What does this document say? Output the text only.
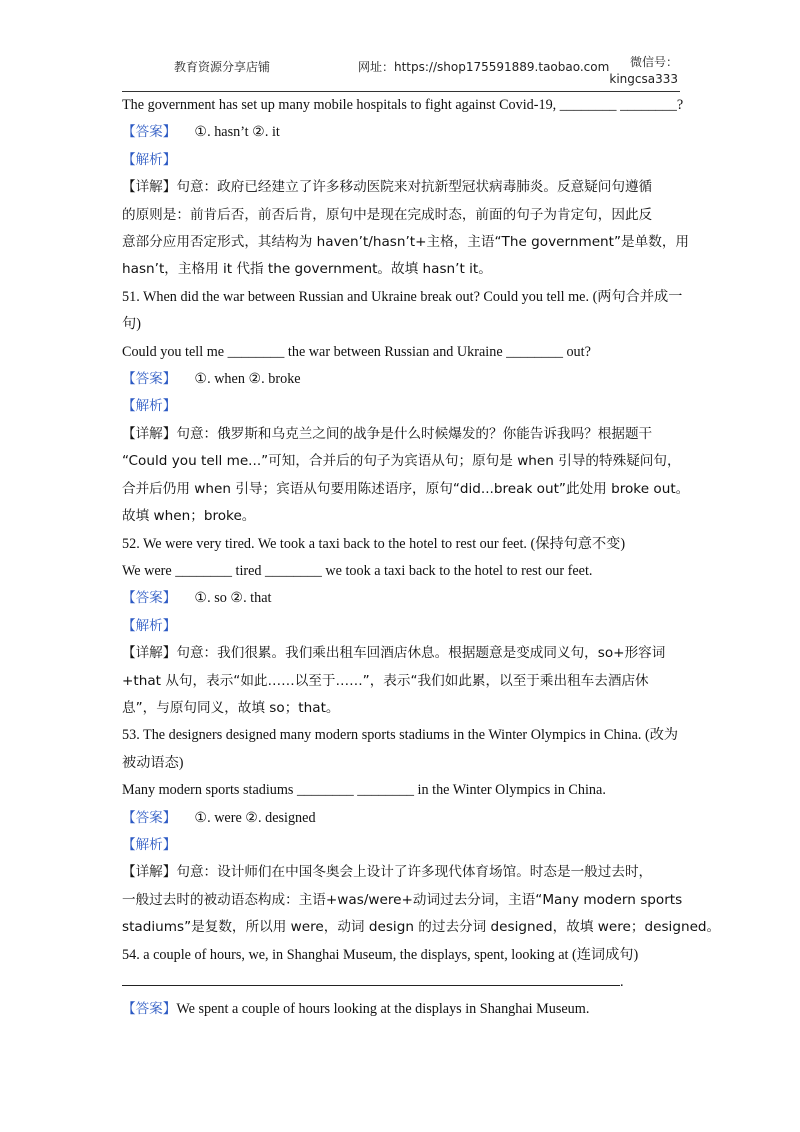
教育资源分享店铺	网址：https://shop175591889.taobao.com	微信号：
kingcsa333
The government has set up many mobile hospitals to fight against Covid-19, ________ ________?
【答案】 ①. hasn’t ②. it
【解析】
【详解】句意：政府已经建立了许多移动医院来对抗新型冠状病毒肺炎。反意疑问句遵循
的原则是：前肯后否，前否后肯，原句中是现在完成时态，前面的句子为肯定句，因此反
意部分应用否定形式，其结构为 haven’t/hasn’t+主格，主语“The government”是单数，用
hasn’t，主格用 it 代指 the government。故填 hasn’t it。
51. When did the war between Russian and Ukraine break out? Could you tell me. (两句合并成一
句)
Could you tell me ________ the war between Russian and Ukraine ________ out?
【答案】 ①. when ②. broke
【解析】
【详解】句意：俄罗斯和乌克兰之间的战争是什么时候爆发的？你能告诉我吗？根据题干
“Could you tell me...”可知，合并后的句子为宾语从句；原句是 when 引导的特殊疑问句，
合并后仍用 when 引导；宾语从句要用陈述语序，原句“did...break out”此处用 broke out。
故填 when；broke。
52. We were very tired. We took a taxi back to the hotel to rest our feet. (保持句意不变)
We were ________ tired ________ we took a taxi back to the hotel to rest our feet.
【答案】 ①. so ②. that
【解析】
【详解】句意：我们很累。我们乘出租车回酒店休息。根据题意是变成同义句，so+形容词
+that 从句，表示“如此……以至于……”，表示“我们如此累，以至于乘出租车去酒店休
息”，与原句同义，故填 so；that。
53. The designers designed many modern sports stadiums in the Winter Olympics in China. (改为
被动语态)
Many modern sports stadiums ________ ________ in the Winter Olympics in China.
【答案】 ①. were ②. designed
【解析】
【详解】句意：设计师们在中国冬奥会上设计了许多现代体育场馆。时态是一般过去时，
一般过去时的被动语态构成：主语+was/were+动词过去分词，主语“Many modern sports
stadiums”是复数，所以用 were，动词 design 的过去分词 designed，故填 were；designed。
54. a couple of hours, we, in Shanghai Museum, the displays, spent, looking at (连词成句)
.
【答案】We spent a couple of hours looking at the displays in Shanghai Museum.
